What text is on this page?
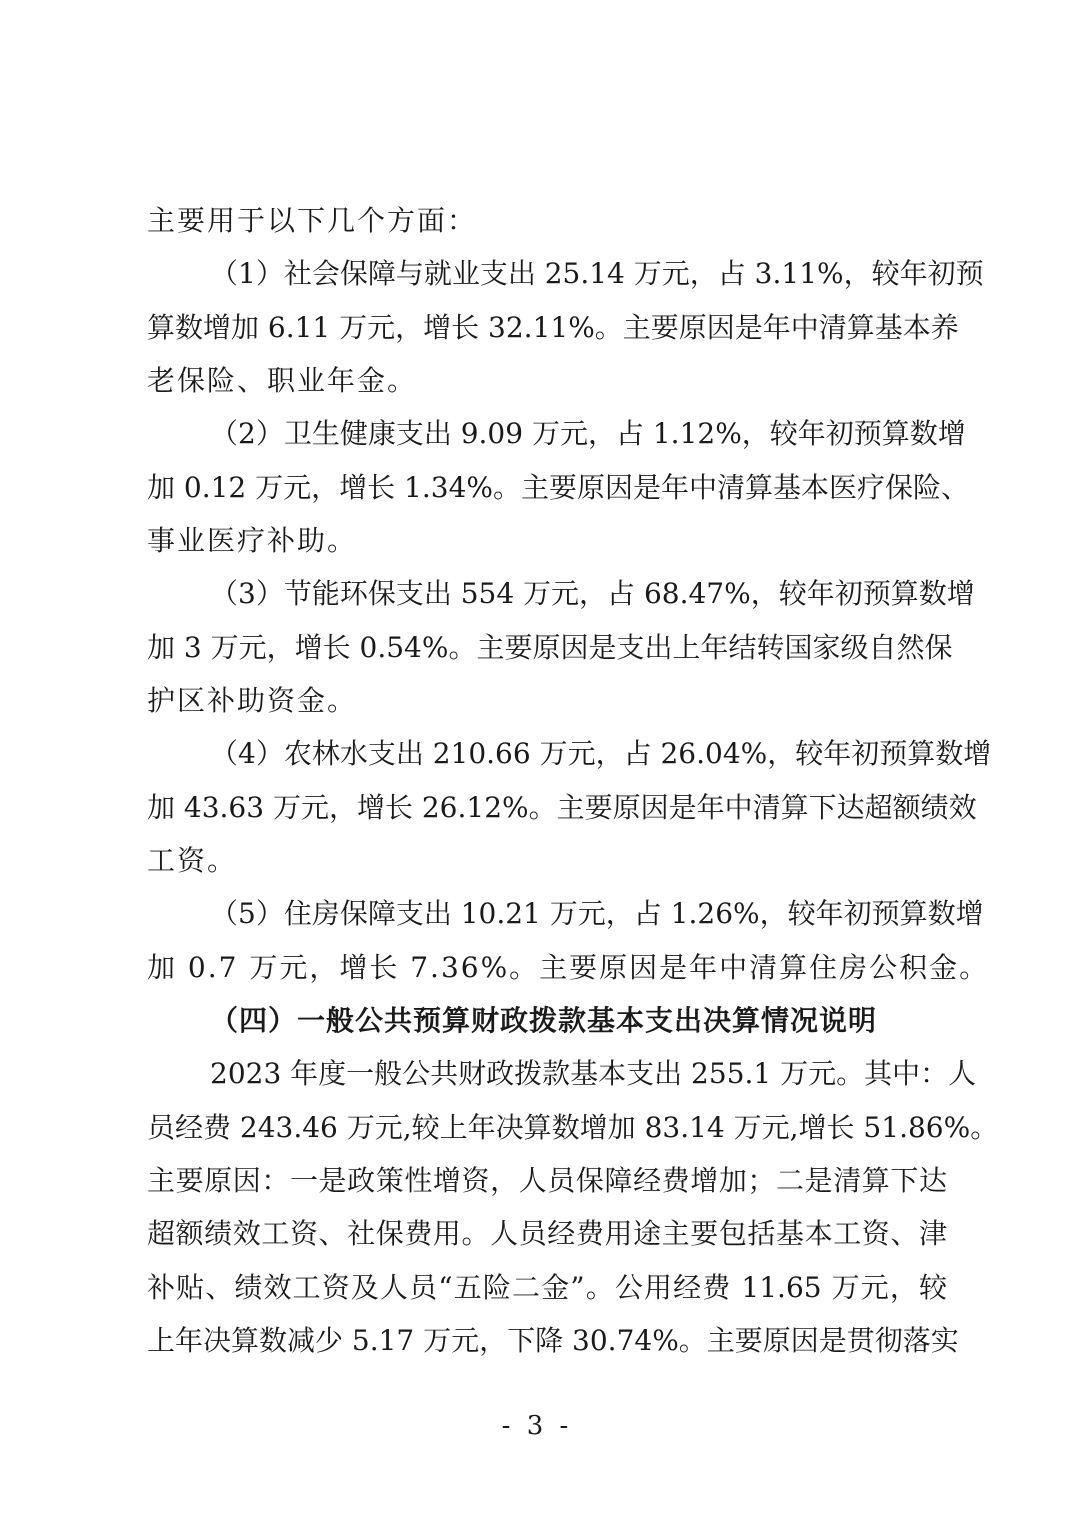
主要用于以下几个方面：
（1）社会保障与就业支出 25.14 万元，占 3.11%，较年初预
算数增加 6.11 万元，增长 32.11%。主要原因是年中清算基本养
老保险、职业年金。
（2）卫生健康支出 9.09 万元，占 1.12%，较年初预算数增
加 0.12 万元，增长 1.34%。主要原因是年中清算基本医疗保险、
事业医疗补助。
（3）节能环保支出 554 万元，占 68.47%，较年初预算数增
加 3 万元，增长 0.54%。主要原因是支出上年结转国家级自然保
护区补助资金。
（4）农林水支出 210.66 万元，占 26.04%，较年初预算数增
加 43.63 万元，增长 26.12%。主要原因是年中清算下达超额绩效
工资。
（5）住房保障支出 10.21 万元，占 1.26%，较年初预算数增
加 0.7 万元，增长 7.36%。主要原因是年中清算住房公积金。
（四）一般公共预算财政拨款基本支出决算情况说明
2023 年度一般公共财政拨款基本支出 255.1 万元。其中：人
员经费 243.46 万元,较上年决算数增加 83.14 万元,增长 51.86%。
主要原因：一是政策性增资，人员保障经费增加；二是清算下达
超额绩效工资、社保费用。人员经费用途主要包括基本工资、津
补贴、绩效工资及人员“五险二金”。公用经费 11.65 万元，较
上年决算数减少 5.17 万元，下降 30.74%。主要原因是贯彻落实
- 3 -
